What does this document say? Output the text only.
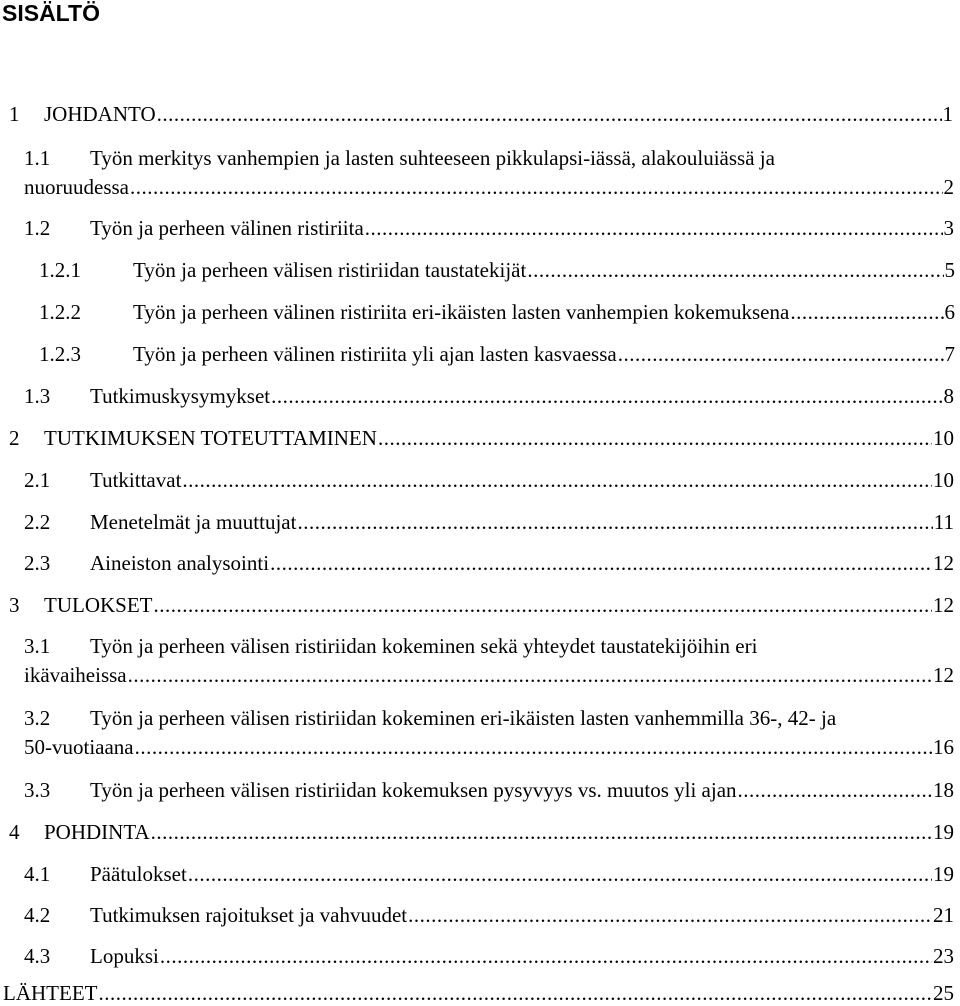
SISÄLTÖ
1	JOHDANTO .....	1
1.1	Työn merkitys vanhempien ja lasten suhteeseen pikkulapsi-iässä, alakouluiässä ja
nuoruudessa .....	2
1.2	Työn ja perheen välinen ristiriita .....	3
1.2.1	Työn ja perheen välisen ristiriidan taustatekijät .....	5
1.2.2	Työn ja perheen välinen ristiriita eri-ikäisten lasten vanhempien kokemuksena .....	6
1.2.3	Työn ja perheen välinen ristiriita yli ajan lasten kasvaessa .....	7
1.3	Tutkimuskysymykset .....	8
2	TUTKIMUKSEN TOTEUTTAMINEN .....	10
2.1	Tutkittavat .....	10
2.2	Menetelmät ja muuttujat .....	11
2.3	Aineiston analysointi .....	12
3	TULOKSET .....	12
3.1	Työn ja perheen välisen ristiriidan kokeminen sekä yhteydet taustatekijöihin eri
ikävaiheissa .....	12
3.2	Työn ja perheen välisen ristiriidan kokeminen eri-ikäisten lasten vanhemmilla 36-, 42- ja
50-vuotiaana .....	16
3.3	Työn ja perheen välisen ristiriidan kokemuksen pysyvyys vs. muutos yli ajan .....	18
4	POHDINTA .....	19
4.1	Päätulokset .....	19
4.2	Tutkimuksen rajoitukset ja vahvuudet .....	21
4.3	Lopuksi .....	23
LÄHTEET .....	25
